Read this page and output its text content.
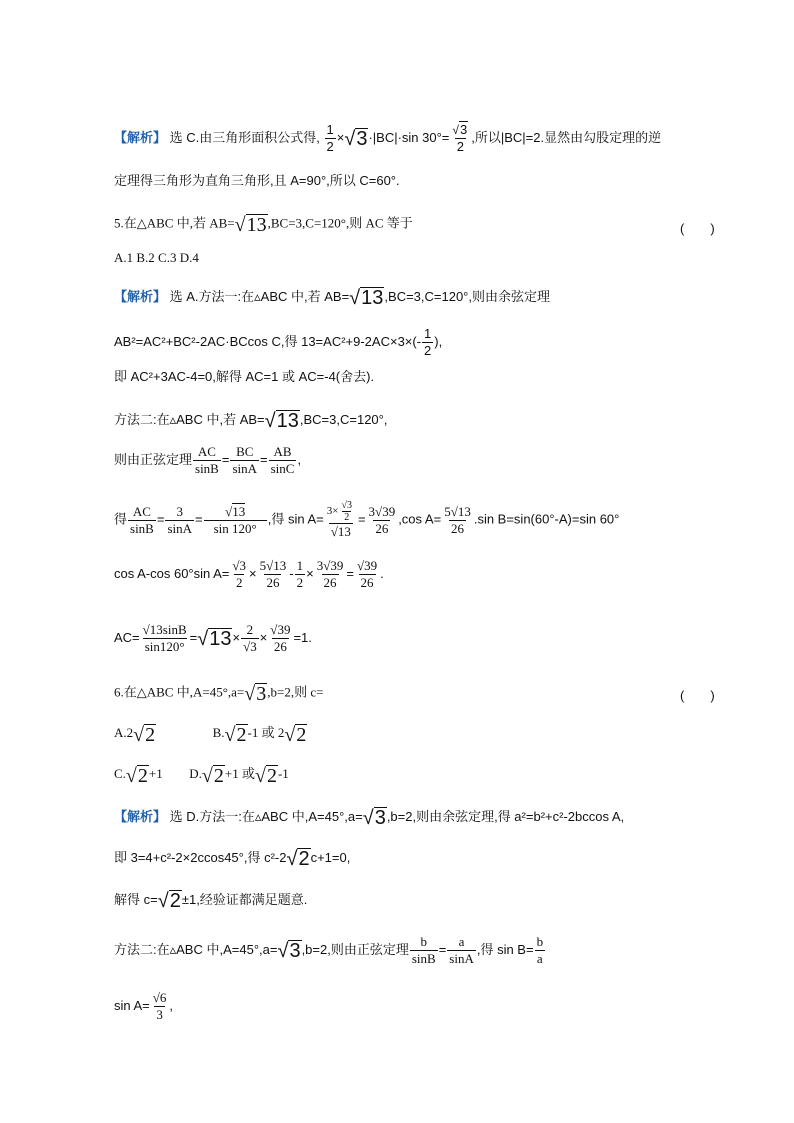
【解析】 选 C.由三角形面积公式得, $\frac{1}{2}$ × √ 3 ·|BC|·sin $30^\circ= \frac{√3}{2}$ ,所以|BC|=2.显然由勾股定理的逆
定理得三角形为直角三角形,且 A=90°,所以 C=60°.
5.在△ABC 中,若 AB= √ 13 ,BC=3,C=120°,则 AC 等于	(　　)
A.1 B.2 C.3 D.4
【解析】 选 A.方法一:在▵ABC 中,若 AB= √ 13 ,BC=3,C=120°,则由余弦定理
AB²=AC²+BC²-2AC·BCcos C,得 $13=AC^2+9-2AC\times 3\times(- \frac{1}{2}$ ),
即 AC²+3AC-4=0,解得 AC=1 或 AC=-4(舍去).
方法二:在▵ABC 中,若 AB= √ 13 ,BC=3,C=120°,
则由正弦定理 $\frac{AC}{\sin B} = \frac{BC}{\sin A} = \frac{AB}{\sin C}$ ,
得 $\frac{AC}{\sin B} = \frac{3}{\sin A} = \frac{√13}{\sin 120^\circ}$ ,得 $\sin A= \frac{3\times \frac{√3}{2}}{√13} = \frac{3√39}{26} ,\cos$ $A= \frac{5√13}{26} .\sin$ B=sin(60°-A)=sin 60°
cos A-cos 60°sin $A= \frac{√3}{2} \times \frac{5√13}{26} - \frac{1}{2} \times \frac{3√39}{26} = \frac{√39}{26}$ .
$AC= \frac{√13\sin B}{\sin 120^\circ}$ = √ $13 \times \frac{2}{√3} \times \frac{√39}{26} =1$.
6.在△ABC 中,A=45°,a= √ 3 ,b=2,则 c=	(　　)
A.2 √ 2	B. √ 2 -1 或 2 √ 2
C. √ 2 +1 D. √ 2 +1 或 √ 2 -1
【解析】 选 D.方法一:在▵ABC 中,A=45°,a= √ 3 ,b=2,则由余弦定理,得 a²=b²+c²-2bccos A,
即 3=4+c²-2×2ccos45°,得 c²-2 √ 2 c+1=0,
解得 c= √ 2 ±1,经验证都满足题意.
方法二:在▵ABC 中,A=45°,a= √ 3 ,b=2,则由正弦定理 $\frac{b}{\sin B} = \frac{a}{\sin A}$ ,得 $\sin B= \frac{b}{a}$
$\sin A= \frac{√6}{3}$ ,
